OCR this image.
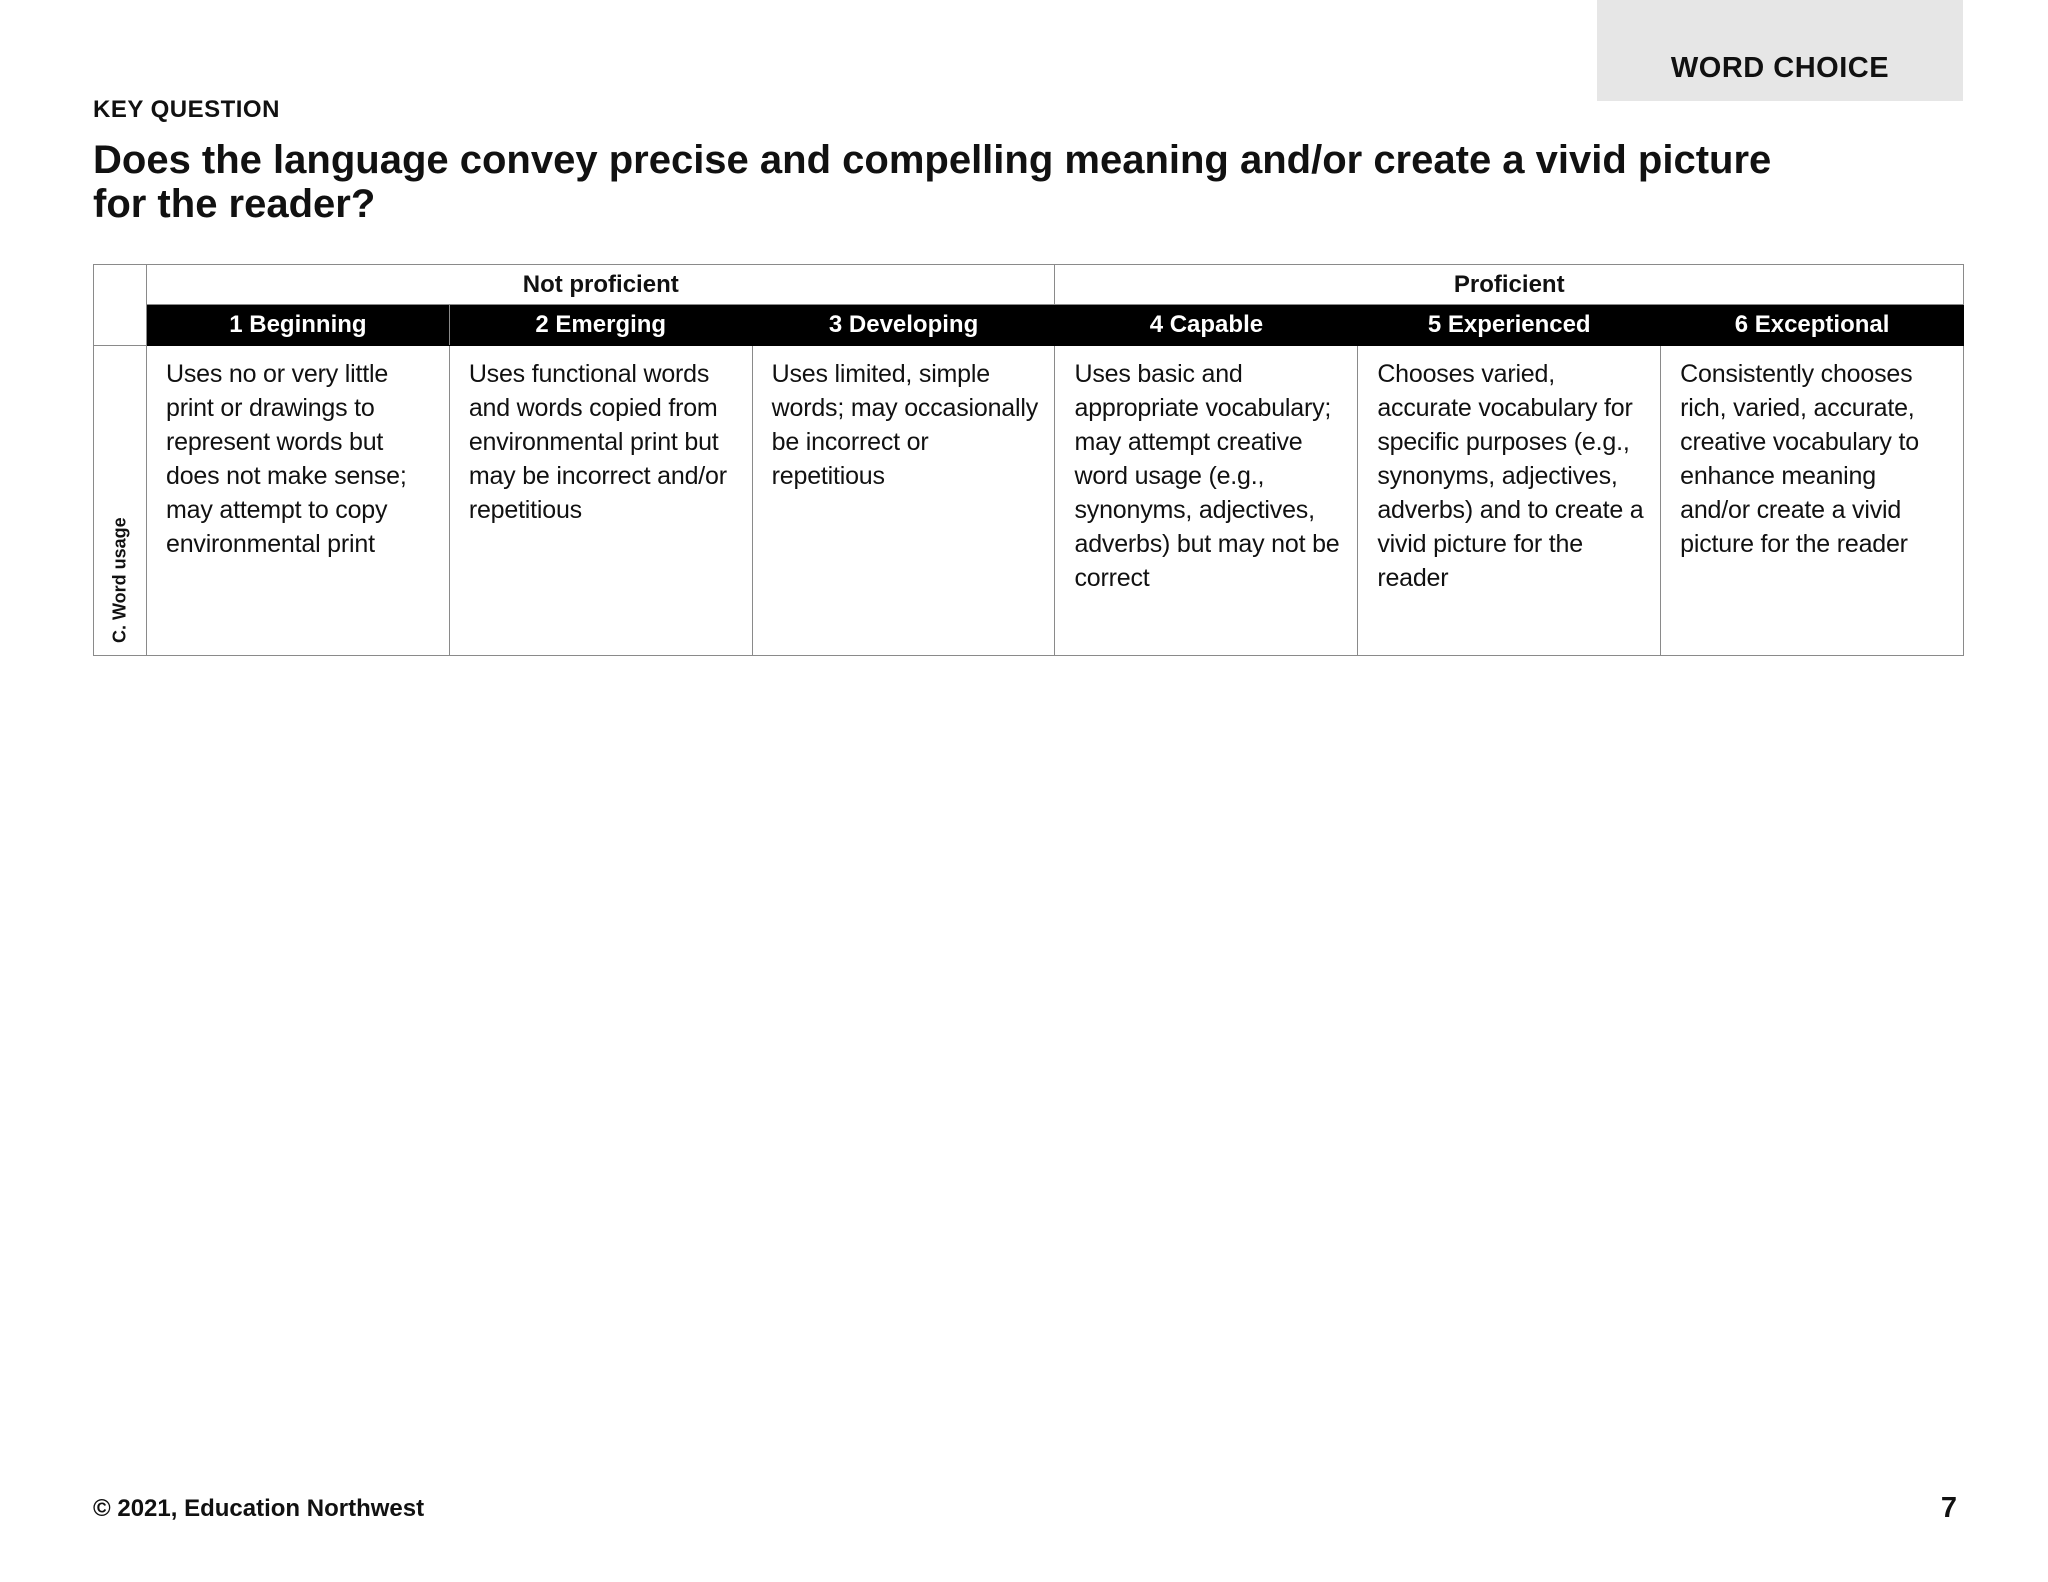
WORD CHOICE
KEY QUESTION
Does the language convey precise and compelling meaning and/or create a vivid picture for the reader?
	Not proficient			Proficient		
	1 Beginning	2 Emerging	3 Developing	4 Capable	5 Experienced	6 Exceptional

C. Word usage	Uses no or very little print or drawings to represent words but does not make sense; may attempt to copy environmental print	Uses functional words and words copied from environmental print but may be incorrect and/or repetitious	Uses limited, simple words; may occasionally be incorrect or repetitious	Uses basic and appropriate vocabulary; may attempt creative word usage (e.g., synonyms, adjectives, adverbs) but may not be correct	Chooses varied, accurate vocabulary for specific purposes (e.g., synonyms, adjectives, adverbs) and to create a vivid picture for the reader	Consistently chooses rich, varied, accurate, creative vocabulary to enhance meaning and/or create a vivid picture for the reader
© 2021, Education Northwest	7
